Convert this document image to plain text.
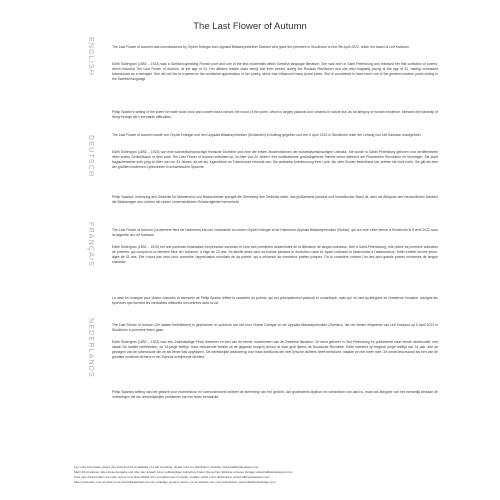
The Last Flower of Autumn
ENGLISH	The Last Flower of Autumn was commissioned by Orphei Drängar and Uppsala Bläsarsymfoniker Sweden who gave the premiere in Stockholm on the 9th April 2022, under the baton of Leif Karlsson.
Edith Södergran (1892 – 1923) was a Swedish-speaking Finnish poet and one of the first modernists within Swedish language literature. She was born in Saint Petersburg and released her first collection of poems, which included The Last Flower of Autumn, at the age of 24. Her affluent middle class family lost their fortune during the Russian Revolution and she died tragically young at the age of 31, having contracted tuberculosis as a teenager. She did not live to experience the worldwide appreciation of her poetry, which has influenced many lyrical poets. She is considered to have been one of the greatest modern poets writing in the Swedish language.
Philip Sparke's setting of the poem for male voice choir and concert band echoes the mood of the poem, which is largely pastoral and romantic in nature but, as an allegory of human existence, stresses the hardship of living through life's inevitable difficulties.
DEUTSCH	The Last Flower of Autumn wurde von Orphei Drängar und den Uppsala Bläsarsymfoniker (Schweden) in Auftrag gegeben und am 9. April 2022 in Stockholm unter der Leitung von Leif Karlsson uraufgeführt.
Edith Södergran (1892 – 1923) war eine schwedischsprachige finnische Dichterin und eine der ersten Modernistinnen der schwedischsprachigen Literatur. Sie wurde in Sankt Petersburg geboren und veröffentlichte ihren ersten Gedichtband, in dem auch The Last Flower of Autumn enthalten ist, im Alter von 24 Jahren. Ihre wohlhabende großbürgerliche Familie verlor während der Russischen Revolution ihr Vermögen. Sie starb tragischerweise sehr jung im Alter von nur 31 Jahren, da sie als Jugendliche an Tuberkulose erkrankt war. Die weltweite Anerkennung ihrer Lyrik, die viele Dichter beeinflusst hat, erlebte sie nicht mehr. Sie gilt als eine der größten modernen Lyrikerinnen in schwedischer Sprache.
Philip Sparkes Vertonung des Gedichts für Männerchor und Blasorchester spiegelt die Stimmung des Gedichts wider, das größtenteils pastoral und romantischer Natur ist, aber als Allegorie des menschlichen Daseins die Belastungen des Lebens mit seinen unvermeidlichen Schwierigkeiten hervorhebt.
FRANÇAIS	The Last Flower of Autumn (La dernière fleur de l'automne) est une commande du chœur Orphei Drängar et de l'harmonie Uppsala Bläsarsymfoniker (Suède), qui ont créé cette œuvre à Stockholm le 9 avril 2022 sous la baguette de Leif Karlsson.
Edith Södergran (1892 – 1923) est une poétesse finlandaise d'expression suédoise et l'une des premières modernistes de la littérature de langue suédoise. Née à Saint-Pétersbourg, elle publie sa première collection de poèmes, qui comprend La dernière fleur de l'automne, à l'âge de 24 ans. Sa famille aisée perd sa fortune pendant la révolution russe et, ayant contracté la tuberculose à l'adolescence, Edith s'éteint encore jeune, âgée de 31 ans. Elle n'aura pas vécu pour connaître l'appréciation mondiale de sa poésie, qui a influencé de nombreux poètes lyriques. On la considère comme l'un des plus grands poètes modernes de langue suédoise.
La mise en musique pour chœur masculin et harmonie de Philip Sparke reflète le caractère du poème, qui est principalement pastoral et romantique, mais qui, en tant qu'allégorie de l'existence humaine, souligne les épreuves que forment les inévitables difficultés rencontrées dans la vie.
NEDERLANDS	The Last Flower of Autumn (De laatste herfstbloem) is geschreven in opdracht van het koor Orphei Drängar en de Uppsala Bläsarsymfoniker (Zweden), die het eerder dirigeerde van Leif Karlsson op 9 april 2022 in Stockholm in première lieten gaan.
Edith Södergran (1892 – 1923) was een Zweedstalige Finse dichteres en een van de eerste modernisten van de Zweedse literatuur. Ze werd geboren in Sint-Petersburg en publiceerde haar eerste dichtbundel, met daarin De laatste herfstbloem, op 24-jarige leeftijd. Haar welvarende familie uit de gegoede burgerij verloor al haar geld tijdens de Russische Revolutie. Edith overleed op tragisch jonge leeftijd van 31 jaar, aan de gevolgen van de tuberculose die ze als tiener had opgelopen. De wereldwijde waardering voor haar dichtkunst die veel lyrische dichters heeft beïnvloed, maakte ze niet meer mee. Ze wordt beschouwd als een van de grootste moderne dichters in het Zweeds schrijvende dichters.
Philip Sparkes setting van het gedicht voor mannenkoor en harmonieorkest imiteert de stemming van het gedicht, dat grotendeels idyllisch en romantisch van aard is, maar als allegorie van het menselijk bestaan de ontberingen die we onvermijdelijke problemen van het leven benadrukt.
For more information about this work and the availability of a full recording, please visit our distributor's website: www.halbbandedesign.com
Mehr Informationen über diese Ausgabe und über den Erwerb einer vollständigen Aufnahme finden Sie auf der Website unseres Verlags: www.halbbandedesign.com
Pour plus d'information sur cette œuvre et la disponibilité d'un enregistrement complet, veuillez visiter notre distributeur: www.halbbandedesign.com
Meer informatie over dit werk en de beschikbaarheid van een volledige opname vindt u op de website van onze distributeur: www.halbbandedesign.com
